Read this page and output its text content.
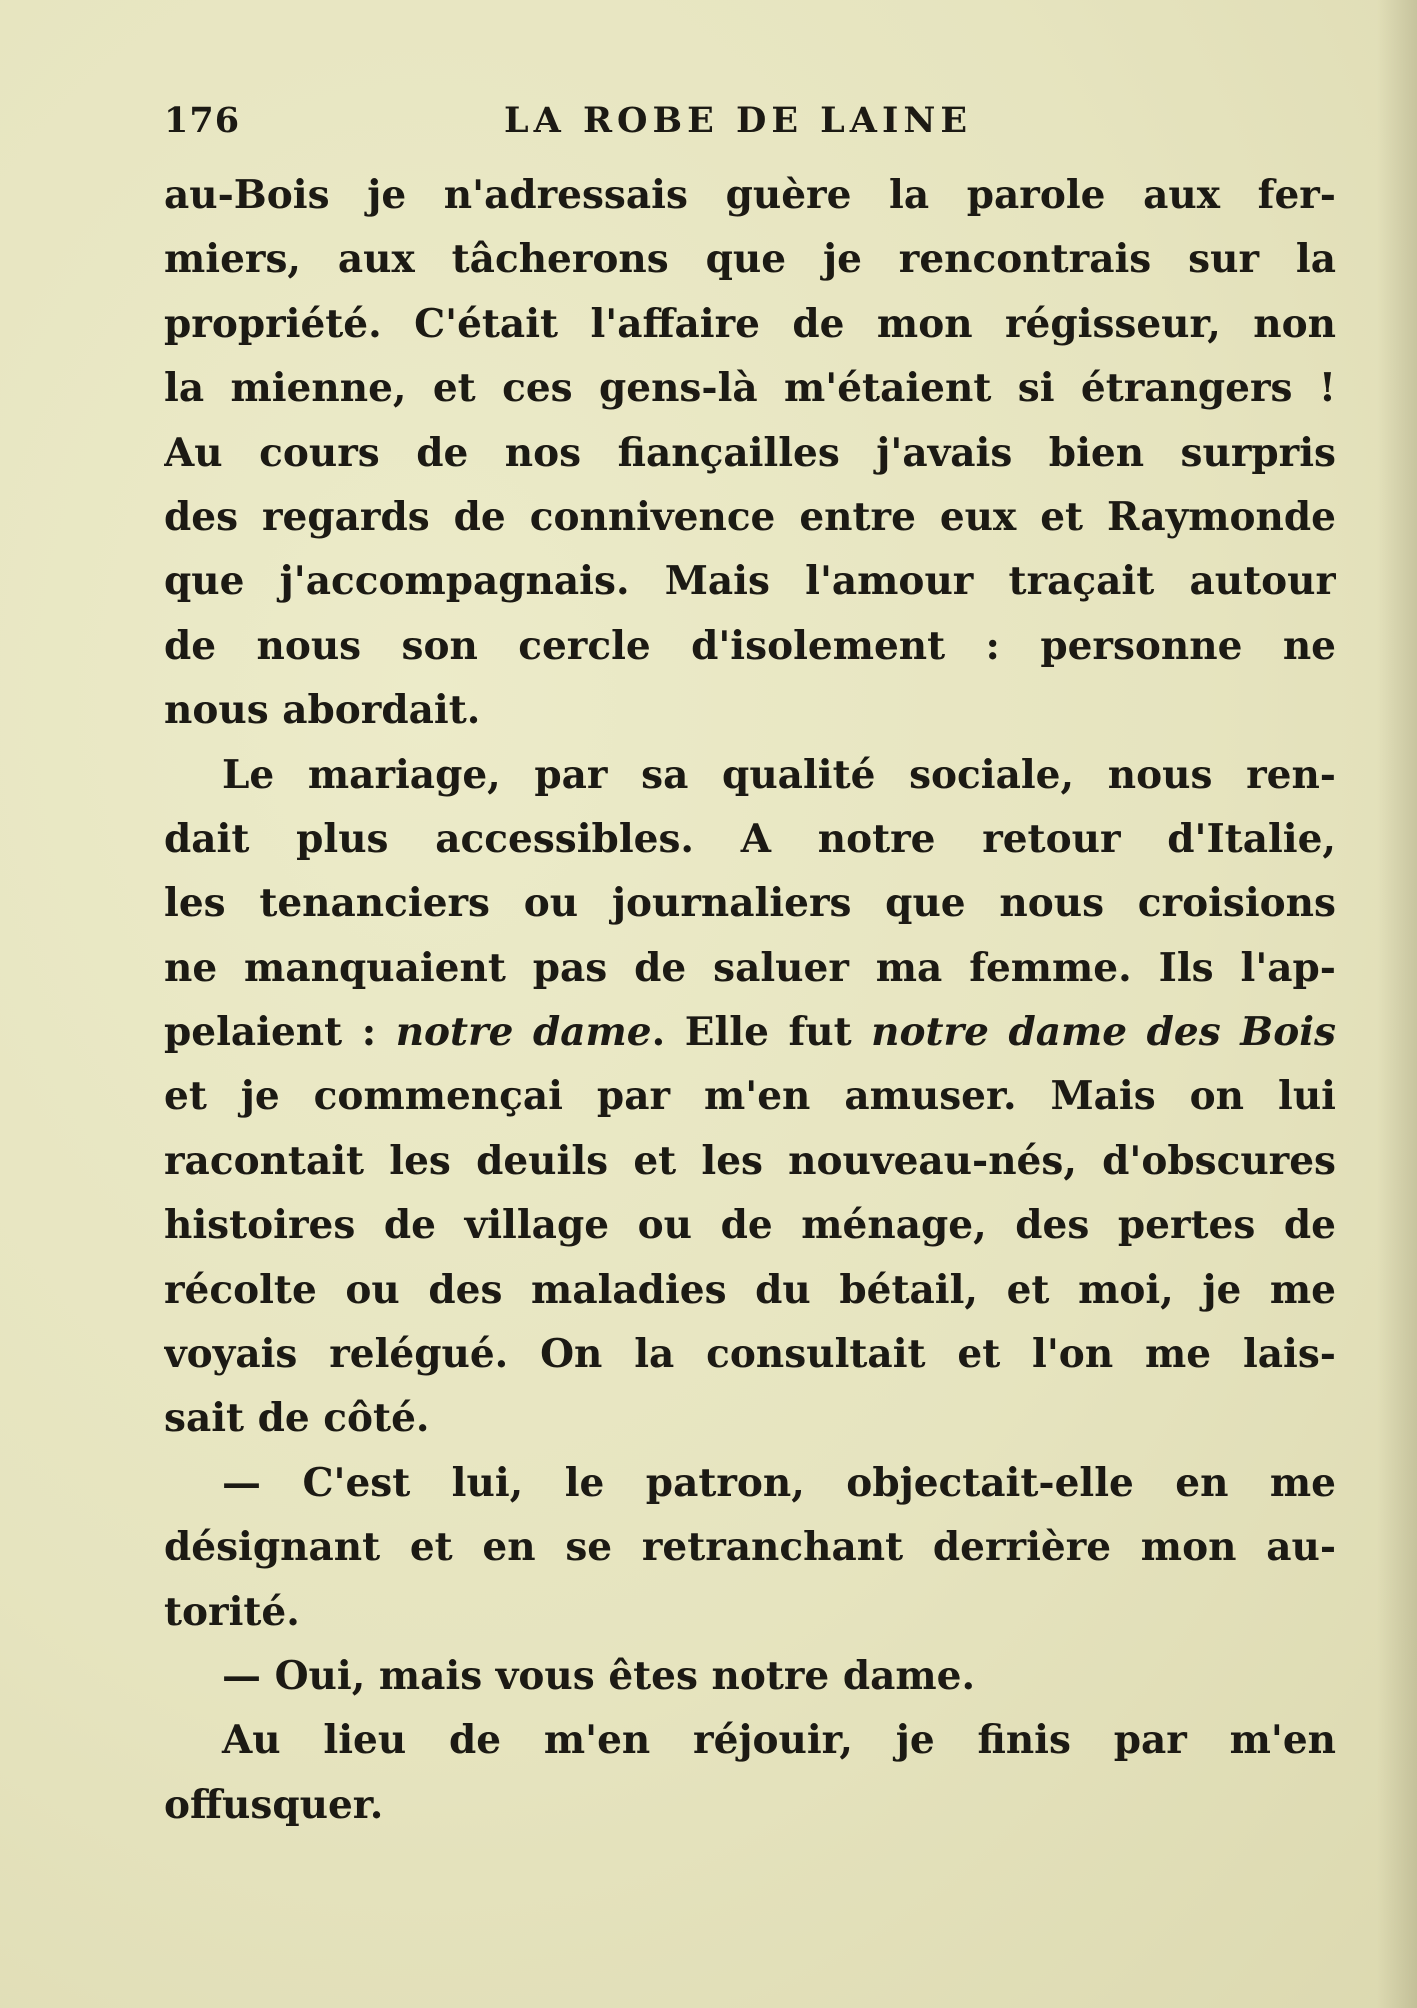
176	LA ROBE DE LAINE
au-Bois je n'adressais guère la parole aux fer-
miers, aux tâcherons que je rencontrais sur la
propriété. C'était l'affaire de mon régisseur, non
la mienne, et ces gens-là m'étaient si étrangers !
Au cours de nos fiançailles j'avais bien surpris
des regards de connivence entre eux et Raymonde
que j'accompagnais. Mais l'amour traçait autour
de nous son cercle d'isolement : personne ne
nous abordait.
Le mariage, par sa qualité sociale, nous ren-
dait plus accessibles. A notre retour d'Italie,
les tenanciers ou journaliers que nous croisions
ne manquaient pas de saluer ma femme. Ils l'ap-
pelaient : notre dame. Elle fut notre dame des Bois
et je commençai par m'en amuser. Mais on lui
racontait les deuils et les nouveau-nés, d'obscures
histoires de village ou de ménage, des pertes de
récolte ou des maladies du bétail, et moi, je me
voyais relégué. On la consultait et l'on me lais-
sait de côté.
— C'est lui, le patron, objectait-elle en me
désignant et en se retranchant derrière mon au-
torité.
— Oui, mais vous êtes notre dame.
Au lieu de m'en réjouir, je finis par m'en
offusquer.
